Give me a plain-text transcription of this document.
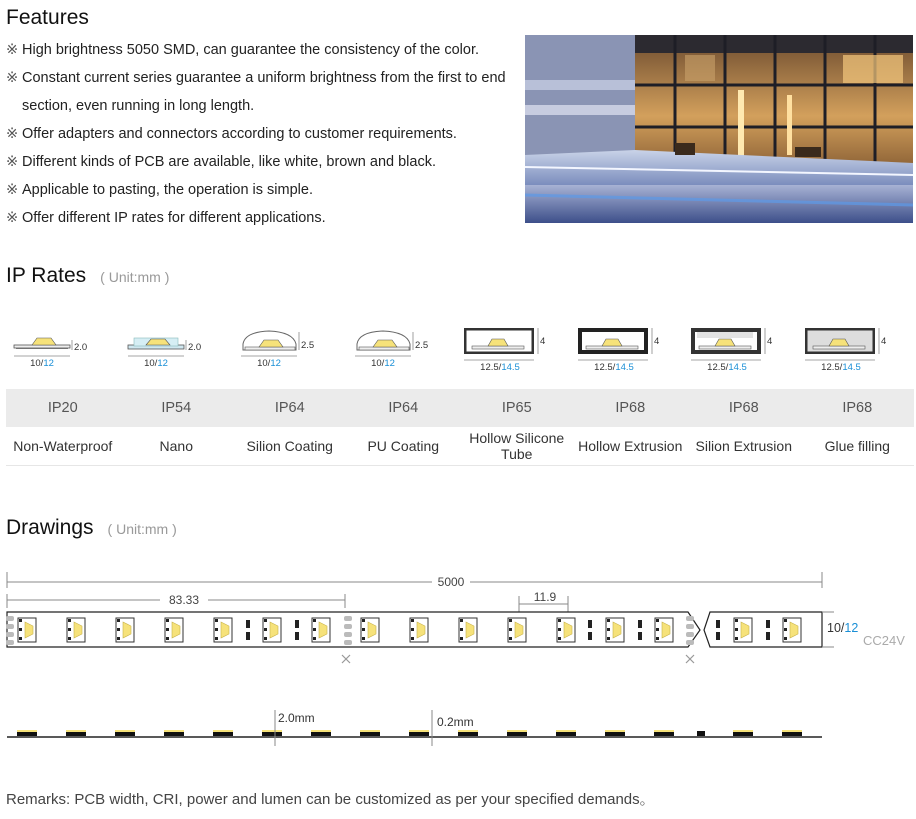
Features
※ High brightness 5050 SMD, can guarantee the consistency of the color.
※ Constant current series guarantee a uniform brightness from the first to end section, even running in long length.
※ Offer adapters and connectors according to customer requirements.
※ Different kinds of PCB are available, like white, brown and black.
※ Applicable to pasting, the operation is simple.
※ Offer different IP rates for different applications.
IP Rates ( Unit:mm )
2.0
10/12
2.0
10/12
2.5
10/12
2.5
10/12
4
12.5/14.5
4
12.5/14.5
4
12.5/14.5
4
12.5/14.5
IP20	IP54	IP64	IP64	IP65	IP68	IP68	IP68
Non-Waterproof	Nano	Silion Coating	PU Coating	Hollow Silicone Tube	Hollow Extrusion	Silion Extrusion	Glue filling
Drawings ( Unit:mm )
5000
83.33	11.9
10/12
CC24V
2.0mm	0.2mm
Remarks: PCB width, CRI, power and lumen can be customized as per your specified demands。
